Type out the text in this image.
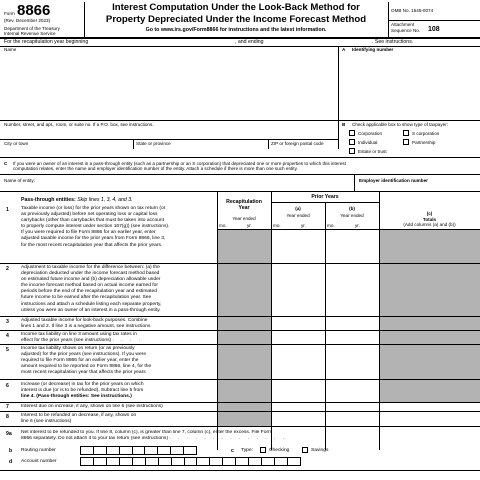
Form 8866
(Rev. December 2023)
Department of the Treasury
Internal Revenue Service
Interest Computation Under the Look-Back Method for
Property Depreciated Under the Income Forecast Method
Go to www.irs.gov/Form8866 for instructions and the latest information.
OMB No. 1545-0074
Attachment
Sequence No. 108
For the recapitulation year beginning	, and ending	. See instructions.
Name	A Identifying number
Number, street, and apt., room, or suite no. If a P.O. box, see instructions.	B Check applicable box to show type of taxpayer:
City or town	State or province	ZIP or foreign postal code
Corporation	S corporation
Individual	Partnership
Estate or trust
C If you were an owner of an interest in a pass-through entity (such as a partnership or an S corporation) that depreciated one or more properties to which this interest
computation relates, enter the name and employer identification number of the entity. Attach a schedule if there is more than one such entity.
Name of entity:	Employer identification number
Pass-through entities: Skip lines 1, 3, 4, and 3.	Recapitulation
Year
Prior Years
(a)	(b)
(c)
Year ended
Year ended	Year ended
Totals
(Add columns (a) and (b))
mo.	yr.	mo.	yr.	mo.	yr.
1 Taxable income (or loss) for the prior years shown on tax return (or
as previously adjusted) before net operating loss or capital loss
carrybacks (other than carrybacks that must be taken into account
to properly compute interest under section 167(g)) (see instructions).
If you were required to file Form 8866 for an earlier year, enter
adjusted taxable income for the prior years from Form 8866, line 3,
for the most recent recapitulation year that affects the prior years.
2 Adjustment to taxable income for the difference between: (a) the
depreciation deducted under the income forecast method based
on estimated future income and (b) depreciation allowable under
the income forecast method based on actual income earned for
periods before the end of the recapitulation year and estimated
future income to be earned after the recapitulation year. See
instructions and attach a schedule listing each separate property,
unless you were an owner of an interest in a pass-through entity.
3 Adjusted taxable income for look-back purposes. Combine
lines 1 and 2. If line 3 is a negative amount, see instructions
4 Income tax liability on line 3 amount using tax rates in
effect for the prior years (see instructions) . . . .
5 Income tax liability shown on return (or as previously
adjusted) for the prior years (see instructions). If you were
required to file Form 8866 for an earlier year, enter the
amount required to be reported on Form 8866, line 4, for the
most recent recapitulation year that affects the prior years
6 Increase (or decrease) in tax for the prior years on which
interest is due (or is to be refunded). Subtract line 5 from
line 4. (Pass-through entities: See instructions.)
7 Interest due on increase, if any, shown on line 6 (see instructions)
8 Interest to be refunded on decrease, if any, shown on
line 6 (see instructions)
9a Net interest to be refunded to you. If line 8, column (c), is greater than line 7, column (c), enter the excess. File Form
8866 separately. Do not attach it to your tax return (see instructions) . . . . . . . . . . . . . .
b Routing number	c Type:	Checking	Savings
d Account number
